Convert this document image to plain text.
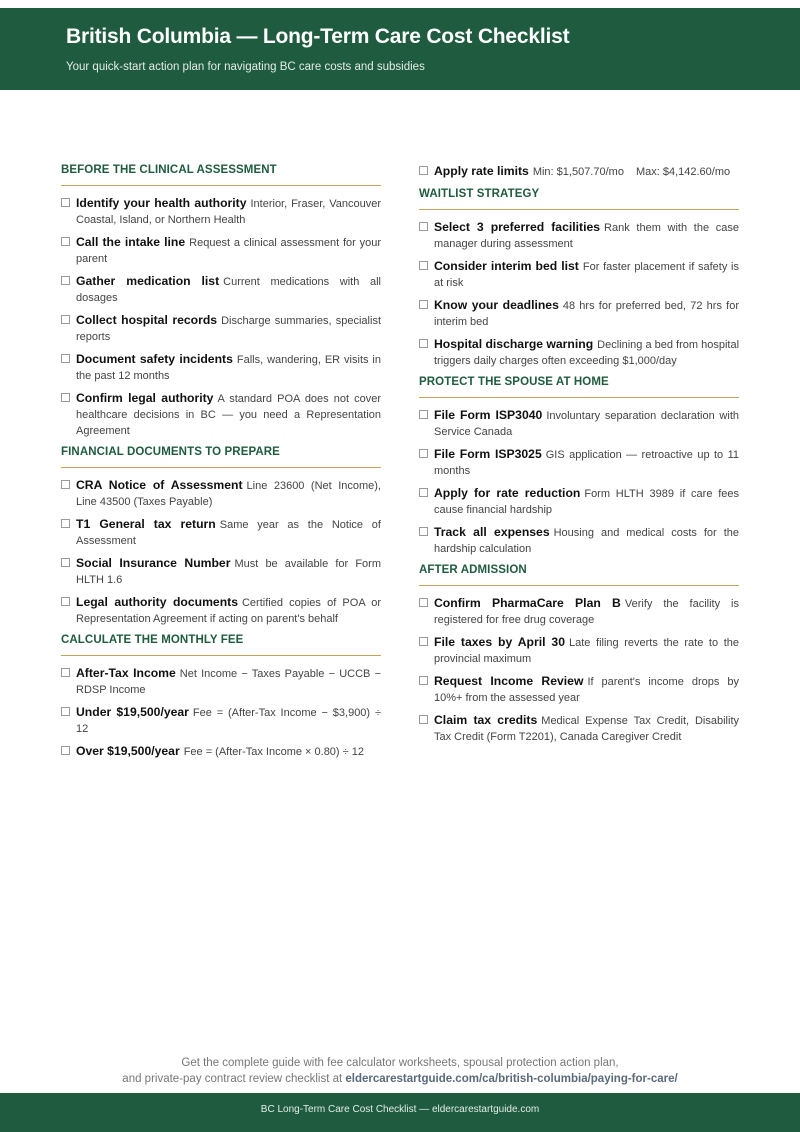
British Columbia — Long-Term Care Cost Checklist
Your quick-start action plan for navigating BC care costs and subsidies
BEFORE THE CLINICAL ASSESSMENT
Identify your health authority Interior, Fraser, Vancouver Coastal, Island, or Northern Health
Call the intake line Request a clinical assessment for your parent
Gather medication list Current medications with all dosages
Collect hospital records Discharge summaries, specialist reports
Document safety incidents Falls, wandering, ER visits in the past 12 months
Confirm legal authority A standard POA does not cover healthcare decisions in BC — you need a Representation Agreement
FINANCIAL DOCUMENTS TO PREPARE
CRA Notice of Assessment Line 23600 (Net Income), Line 43500 (Taxes Payable)
T1 General tax return Same year as the Notice of Assessment
Social Insurance Number Must be available for Form HLTH 1.6
Legal authority documents Certified copies of POA or Representation Agreement if acting on parent's behalf
CALCULATE THE MONTHLY FEE
After-Tax Income Net Income − Taxes Payable − UCCB − RDSP Income
Under $19,500/year Fee = (After-Tax Income − $3,900) ÷ 12
Over $19,500/year Fee = (After-Tax Income × 0.80) ÷ 12
Apply rate limits Min: $1,507.70/mo Max: $4,142.60/mo
WAITLIST STRATEGY
Select 3 preferred facilities Rank them with the case manager during assessment
Consider interim bed list For faster placement if safety is at risk
Know your deadlines 48 hrs for preferred bed, 72 hrs for interim bed
Hospital discharge warning Declining a bed from hospital triggers daily charges often exceeding $1,000/day
PROTECT THE SPOUSE AT HOME
File Form ISP3040 Involuntary separation declaration with Service Canada
File Form ISP3025 GIS application — retroactive up to 11 months
Apply for rate reduction Form HLTH 3989 if care fees cause financial hardship
Track all expenses Housing and medical costs for the hardship calculation
AFTER ADMISSION
Confirm PharmaCare Plan B Verify the facility is registered for free drug coverage
File taxes by April 30 Late filing reverts the rate to the provincial maximum
Request Income Review If parent's income drops by 10%+ from the assessed year
Claim tax credits Medical Expense Tax Credit, Disability Tax Credit (Form T2201), Canada Caregiver Credit
Get the complete guide with fee calculator worksheets, spousal protection action plan,
and private-pay contract review checklist at eldercarestartguide.com/ca/british-columbia/paying-for-care/
BC Long-Term Care Cost Checklist — eldercarestartguide.com
